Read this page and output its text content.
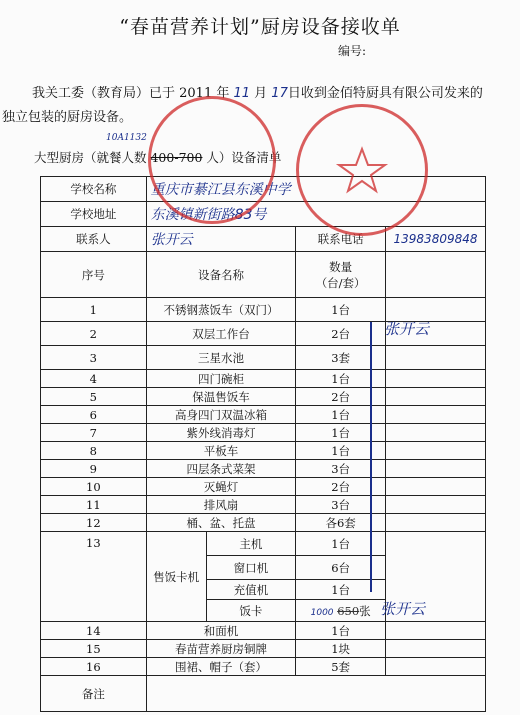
“春苗营养计划”厨房设备接收单
编号:
我关工委（教育局）已于 2011 年 11 月 17日收到金佰特厨具有限公司发来的
独立包装的厨房设备。
10A1132
大型厨房（就餐人数 400-700 人）设备清单
学校名称	重庆市綦江县东溪中学			
学校地址	东溪镇新街路83号			
联系人	张开云		联系电话	13983809848
序号	设备名称		数量
（台/套）	

1	不锈钢蒸饭车（双门）		1台	
2	双层工作台		2台	
3	三星水池		3套	
4	四门碗柜		1台	
5	保温售饭车		2台	
6	高身四门双温冰箱		1台	
7	紫外线消毒灯		1台	
8	平板车		1台	
9	四层条式菜架		3台	
10	灭蝇灯		2台	
11	排风扇		3台	
12	桶、盆、托盘		各6套	
13	售饭卡机	主机	1台	
		窗口机	6台	
		充值机	1台	
		饭卡	1000 650张	
14	和面机		1台	
15	春苗营养厨房铜牌		1块	
16	围裙、帽子（套）		5套	
备注				
张开云
张开云
